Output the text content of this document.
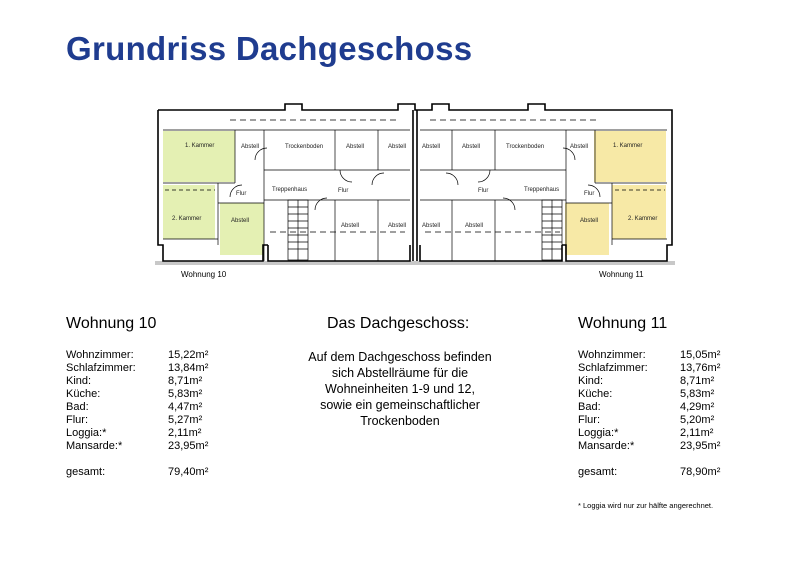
Grundriss Dachgeschoss
1. Kammer
2. Kammer
Abstell
Abstell
Flur
Trockenboden	Abstell	Abstell
Treppenhaus	Flur
Abstell	Abstell
Abstell	Abstell	Trockenboden	Abstell	1. Kammer
Flur	Treppenhaus
Flur
Abstell	2. Kammer
Abstell	Abstell
Wohnung 10	Wohnung 11
Wohnung 10
Wohnzimmer:	15,22m²
Schlafzimmer:	13,84m²
Kind:	8,71m²
Küche:	5,83m²
Bad:	4,47m²
Flur:	5,27m²
Loggia:*	2,11m²
Mansarde:*	23,95m²
gesamt:	79,40m²
Das Dachgeschoss:
Auf dem Dachgeschoss befinden
sich Abstellräume für die
Wohneinheiten 1-9 und 12,
sowie ein gemeinschaftlicher
Trockenboden
Wohnung 11
Wohnzimmer:	15,05m²
Schlafzimmer:	13,76m²
Kind:	8,71m²
Küche:	5,83m²
Bad:	4,29m²
Flur:	5,20m²
Loggia:*	2,11m²
Mansarde:*	23,95m²
gesamt:	78,90m²
* Loggia wird nur zur hälfte angerechnet.
